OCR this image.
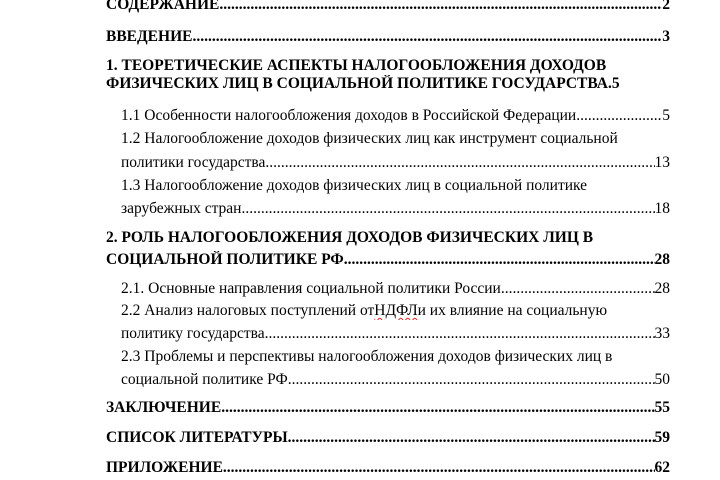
СОДЕРЖАНИЕ .....	2
ВВЕДЕНИЕ .....	3
1. ТЕОРЕТИЧЕСКИЕ АСПЕКТЫ НАЛОГООБЛОЖЕНИЯ ДОХОДОВ
ФИЗИЧЕСКИХ ЛИЦ В СОЦИАЛЬНОЙ ПОЛИТИКЕ ГОСУДАРСТВА. 5
1.1 Особенности налогообложения доходов в Российской Федерации .....	5
1.2 Налогообложение доходов физических лиц как инструмент социальной
политики государства .....	13
1.3 Налогообложение доходов физических лиц в социальной политике
зарубежных стран .....	18
2. РОЛЬ НАЛОГООБЛОЖЕНИЯ ДОХОДОВ ФИЗИЧЕСКИХ ЛИЦ В
СОЦИАЛЬНОЙ ПОЛИТИКЕ РФ .....	28
2.1. Основные направления социальной политики России .....	28
2.2 Анализ налоговых поступлений от НДФЛ и их влияние на социальную
политику государства .....	33
2.3 Проблемы и перспективы налогообложения доходов физических лиц в
социальной политике РФ .....	50
ЗАКЛЮЧЕНИЕ .....	55
СПИСОК ЛИТЕРАТУРЫ .....	59
ПРИЛОЖЕНИЕ .....	62
